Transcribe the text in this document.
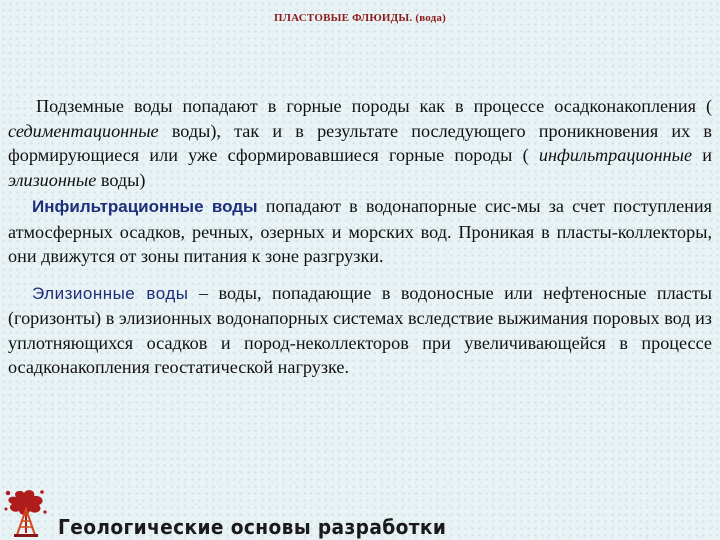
ПЛАСТОВЫЕ ФЛЮИДЫ. (вода)

Подземные воды попадают в горные породы как в процессе осадконакопления ( седиментационные воды), так и в результате последующего проникновения их в формирующиеся или уже сформировавшиеся горные породы ( инфильтрационные и элизионные воды)

Инфильтрационные воды попадают в водонапорные сис-мы за счет поступления атмосферных осадков, речных, озерных и морских вод. Проникая в пласты-коллекторы, они движутся от зоны питания к зоне разгрузки.

Элизионные воды – воды, попадающие в водоносные или нефтеносные пласты (горизонты) в элизионных водонапорных системах вследствие выжимания поровых вод из уплотняющихся осадков и пород-неколлекторов при увеличивающейся в процессе осадконакопления геостатической нагрузке.

Геологические основы разработки
